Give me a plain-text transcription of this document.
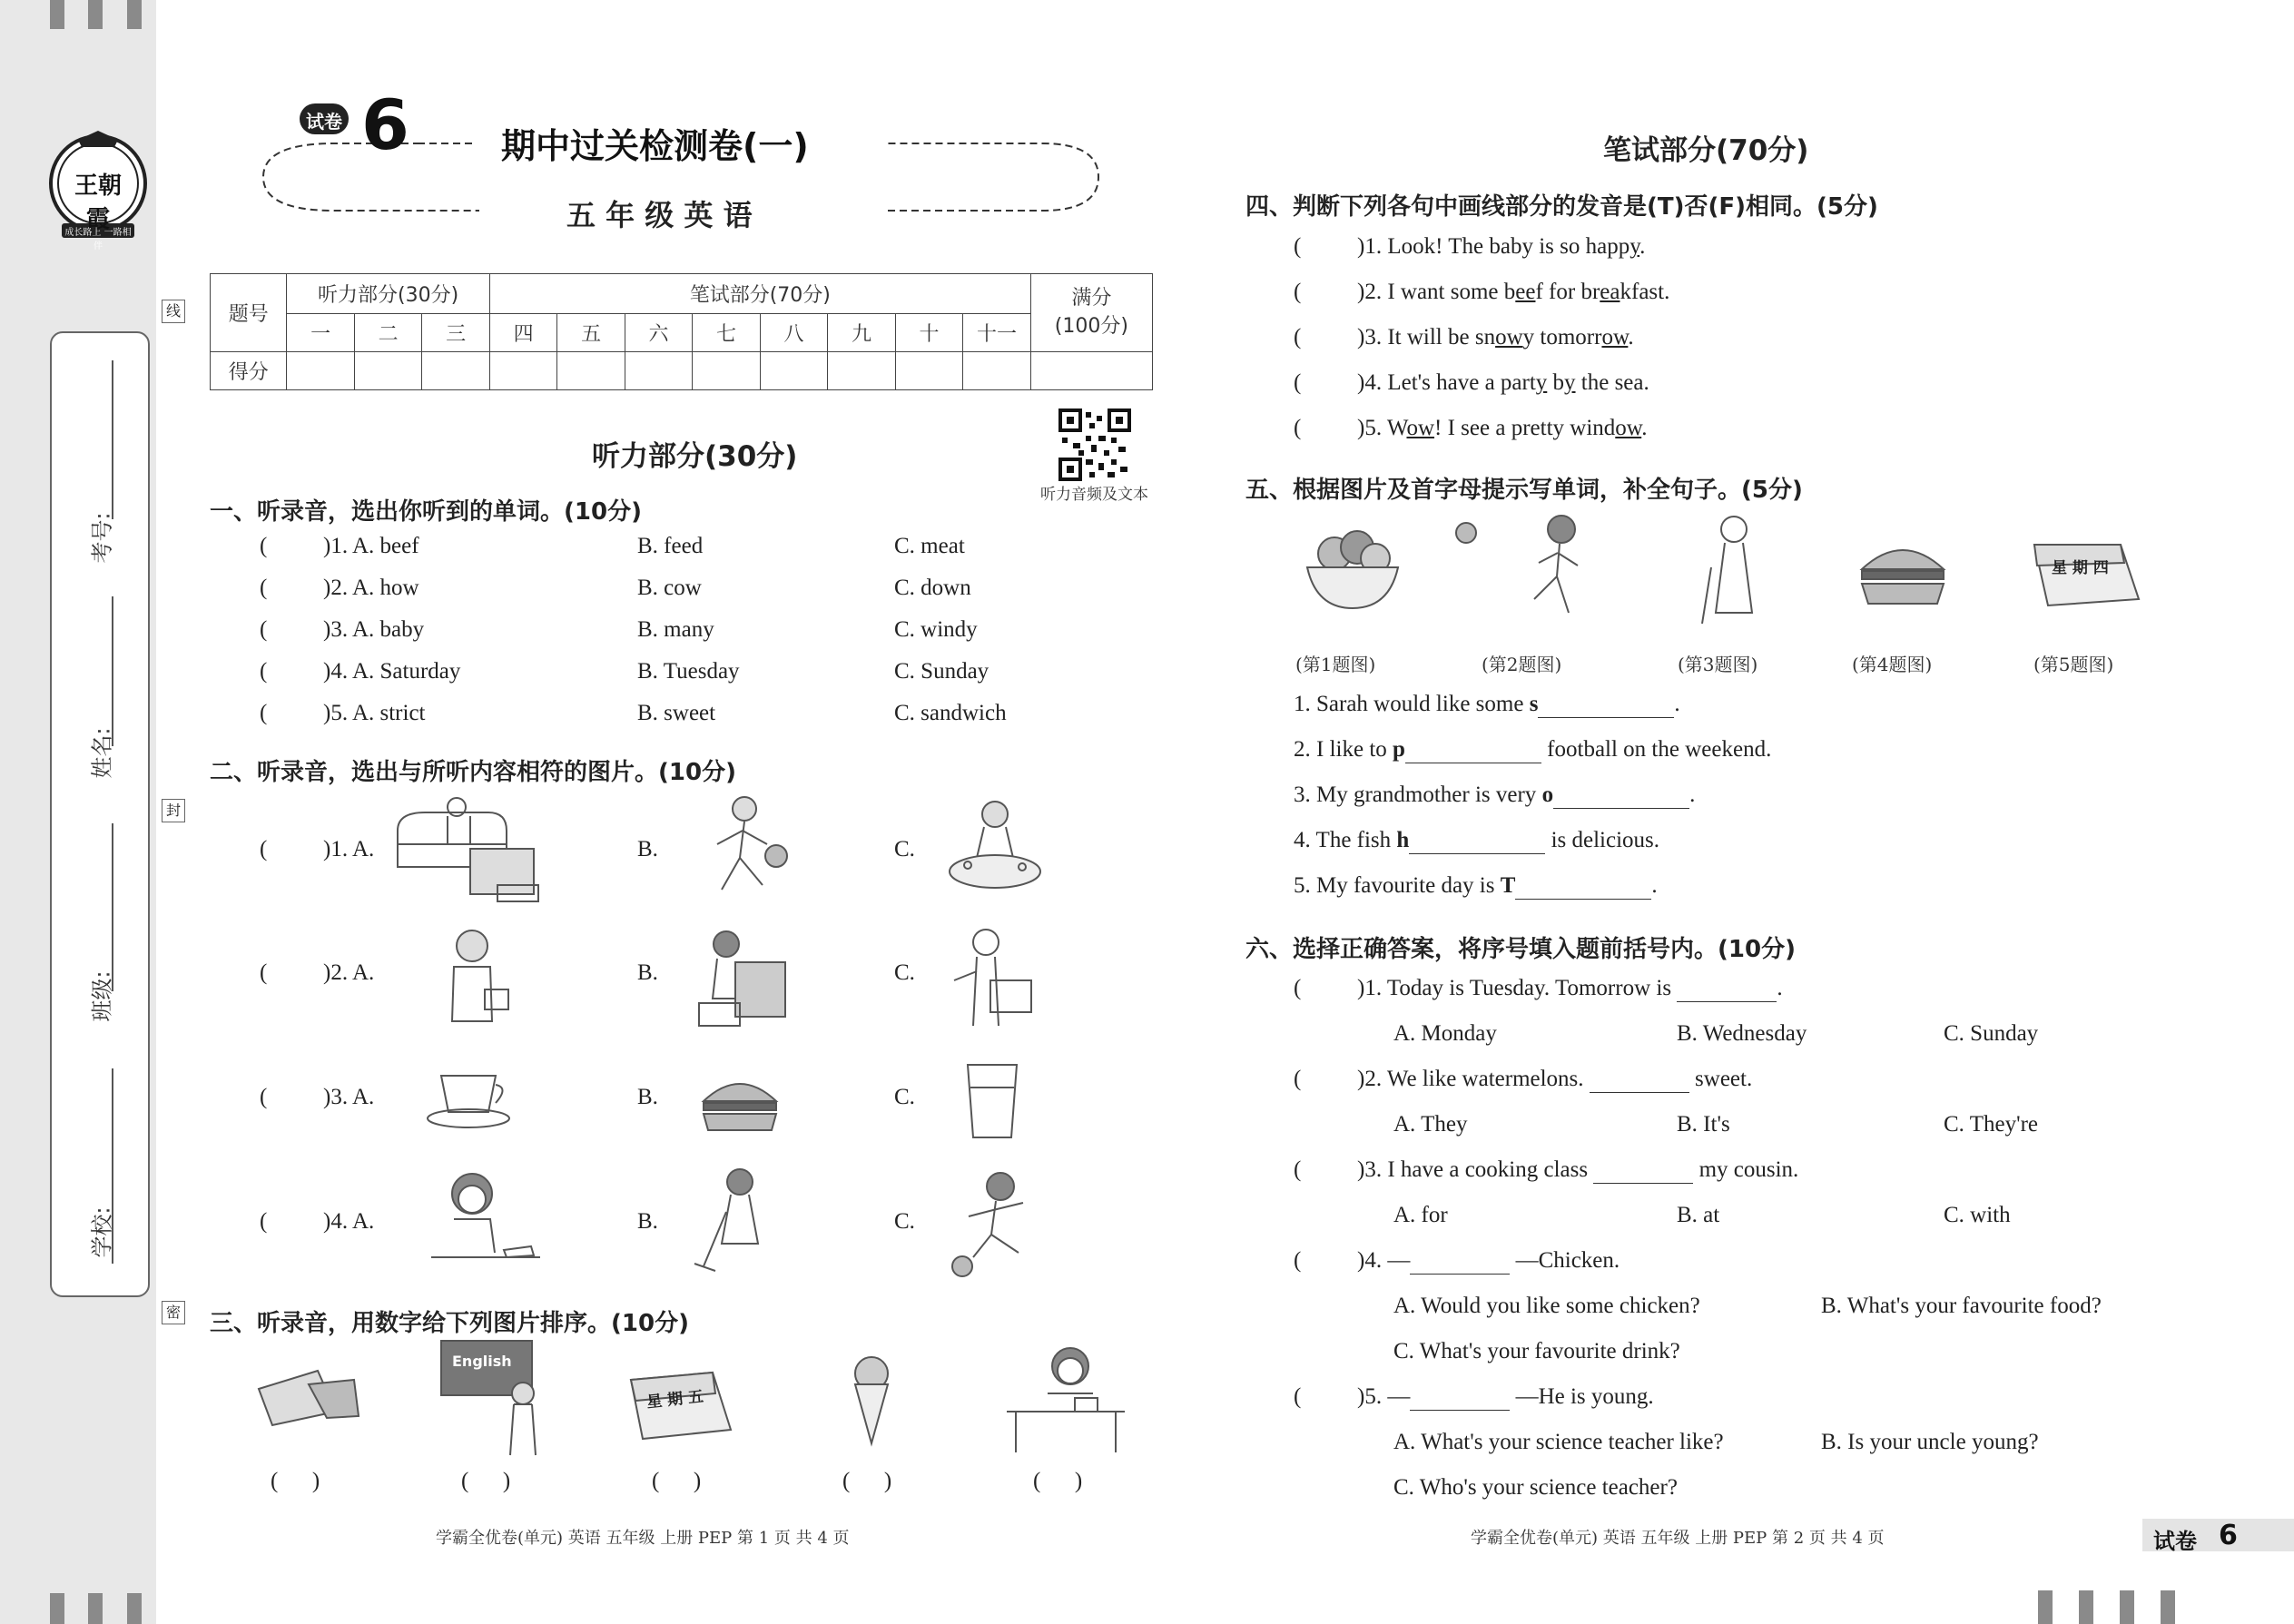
王朝霞
成长路上 一路相伴
考号:
姓名:
班级:
学校:
线
封
密
试卷 6	期中过关检测卷(一)
五 年 级 英 语
题号	听力部分(30分)			笔试部分(70分)								满分
(100分)
	一	二	三	四	五	六	七	八	九	十	十一	
得分												
听力部分(30分)
听力音频及文本
一、听录音，选出你听到的单词。(10分)
( )1. A. beef	B. feed	C. meat
( )2. A. how	B. cow	C. down
( )3. A. baby	B. many	C. windy
( )4. A. Saturday	B. Tuesday	C. Sunday
( )5. A. strict	B. sweet	C. sandwich
二、听录音，选出与所听内容相符的图片。(10分)
( )1. A.	B.	C.
( )2. A.	B.	C.
( )3. A.	B.	C.
( )4. A.	B.	C.
三、听录音，用数字给下列图片排序。(10分)
English
星 期 五
(      )	(      )	(      )	(      )	(      )
学霸全优卷(单元) 英语 五年级 上册 PEP 第 1 页 共 4 页
笔试部分(70分)
四、判断下列各句中画线部分的发音是(T)否(F)相同。(5分)
( )1. Look! The baby is so happy.
( )2. I want some beef for breakfast.
( )3. It will be snowy tomorrow.
( )4. Let's have a party by the sea.
( )5. Wow! I see a pretty window.
五、根据图片及首字母提示写单词，补全句子。(5分)
星 期 四
(第1题图)	(第2题图)	(第3题图)	(第4题图)	(第5题图)
1. Sarah would like some s	.
2. I like to p	football on the weekend.
3. My grandmother is very o	.
4. The fish h	is delicious.
5. My favourite day is T	.
六、选择正确答案，将序号填入题前括号内。(10分)
( )1. Today is Tuesday. Tomorrow is	.
A. Monday	B. Wednesday	C. Sunday
( )2. We like watermelons.	sweet.
A. They	B. It's	C. They're
( )3. I have a cooking class	my cousin.
A. for	B. at	C. with
( )4. —	—Chicken.
A. Would you like some chicken?	B. What's your favourite food?
C. What's your favourite drink?
( )5. —	—He is young.
A. What's your science teacher like?	B. Is your uncle young?
C. Who's your science teacher?
学霸全优卷(单元) 英语 五年级 上册 PEP 第 2 页 共 4 页	试卷 6
